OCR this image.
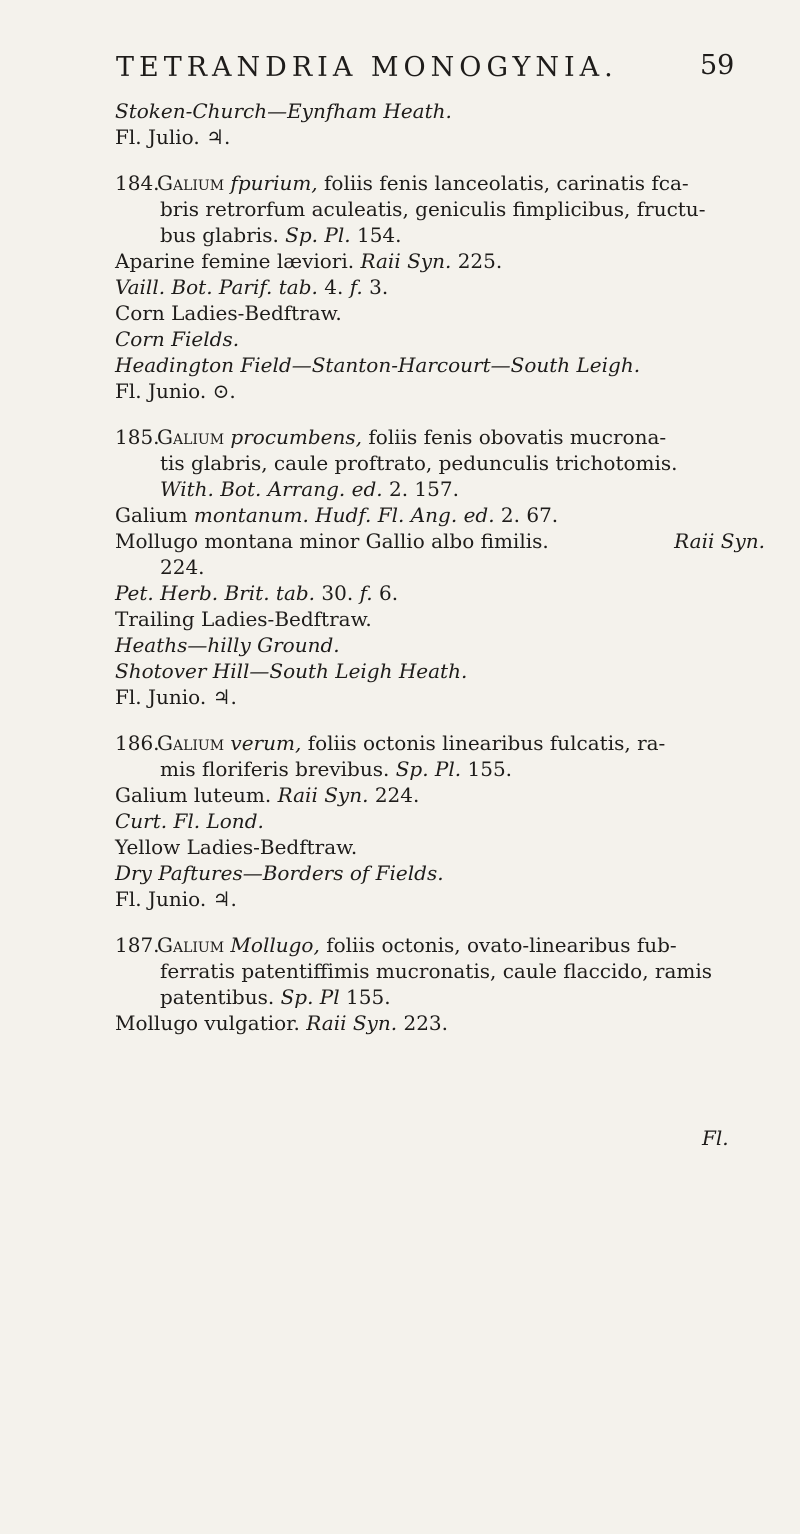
TETRANDRIA MONOGYNIA.	59
Stoken-Church—Eynfham Heath.
Fl. Julio. ♃.
184.Galium fpurium, foliis fenis lanceolatis, carinatis fca-
bris retrorfum aculeatis, geniculis fimplicibus, fructu-
bus glabris. Sp. Pl. 154.
Aparine femine læviori. Raii Syn. 225.
Vaill. Bot. Parif. tab. 4. f. 3.
Corn Ladies-Bedftraw.
Corn Fields.
Headington Field—Stanton-Harcourt—South Leigh.
Fl. Junio. ⊙.
185.Galium procumbens, foliis fenis obovatis mucrona-
tis glabris, caule proftrato, pedunculis trichotomis.
With. Bot. Arrang. ed. 2. 157.
Galium montanum. Hudf. Fl. Ang. ed. 2. 67.
Mollugo montana minor Gallio albo fimilis.	Raii Syn.
224.
Pet. Herb. Brit. tab. 30. f. 6.
Trailing Ladies-Bedftraw.
Heaths—hilly Ground.
Shotover Hill—South Leigh Heath.
Fl. Junio. ♃.
186.Galium verum, foliis octonis linearibus fulcatis, ra-
mis floriferis brevibus. Sp. Pl. 155.
Galium luteum. Raii Syn. 224.
Curt. Fl. Lond.
Yellow Ladies-Bedftraw.
Dry Paftures—Borders of Fields.
Fl. Junio. ♃.
187.Galium Mollugo, foliis octonis, ovato-linearibus fub-
ferratis patentiffimis mucronatis, caule flaccido, ramis
patentibus. Sp. Pl 155.
Mollugo vulgatior. Raii Syn. 223.
Fl.
